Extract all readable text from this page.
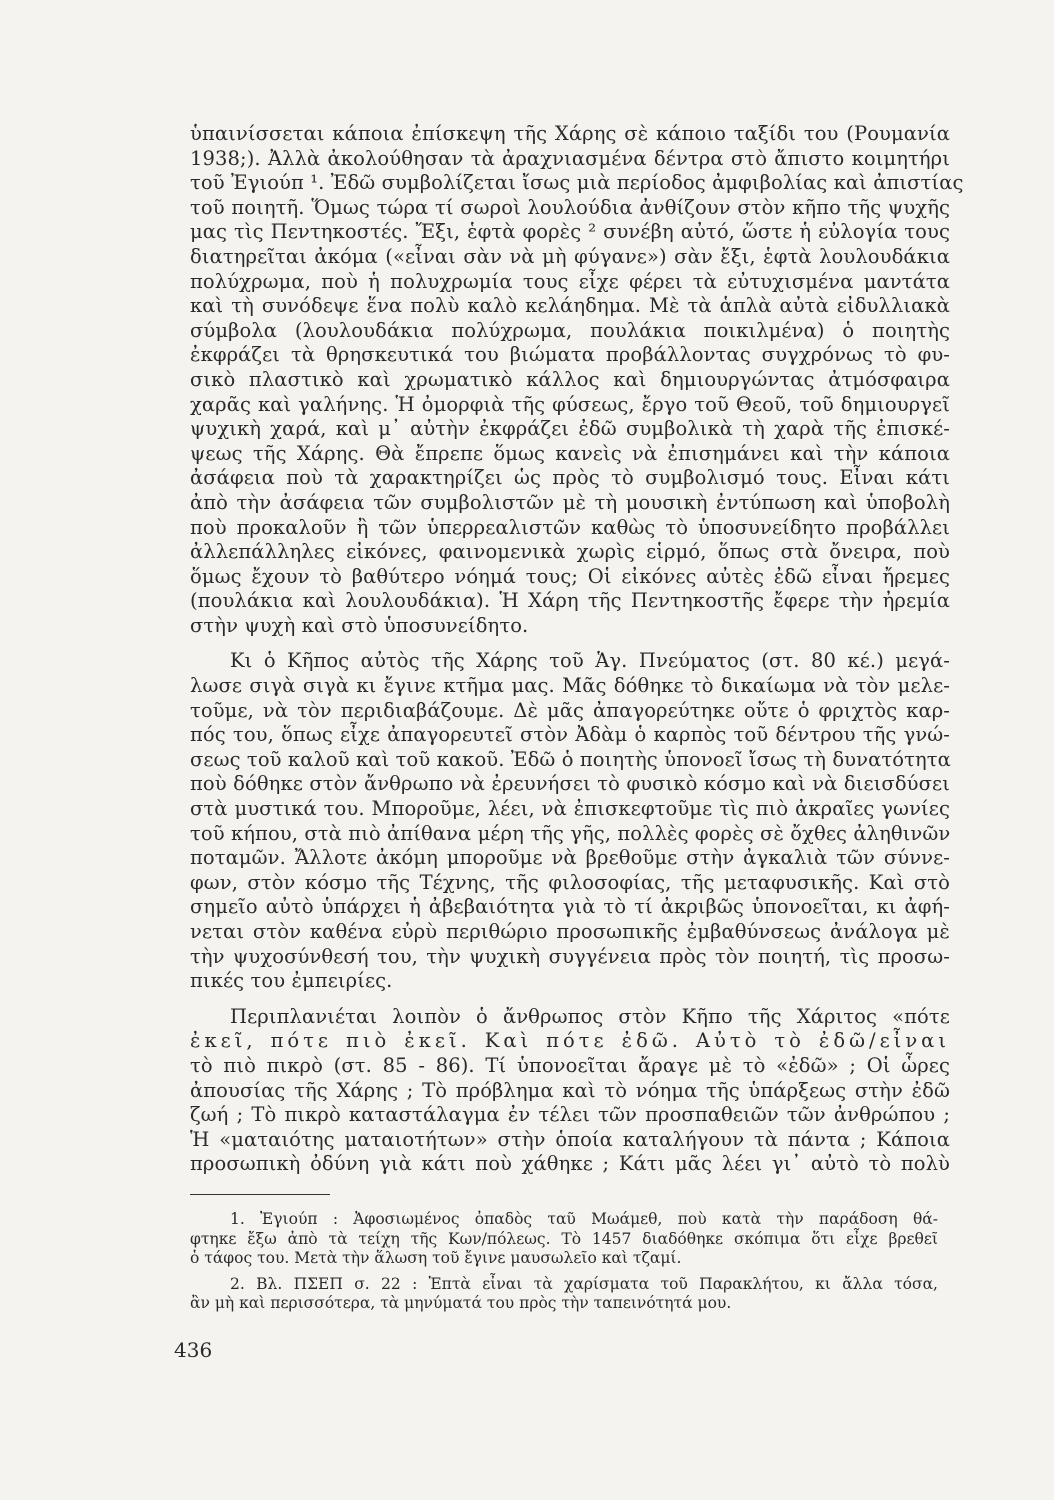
ὑπαινίσσεται κάποια ἐπίσκεψη τῆς Χάρης σὲ κάποιο ταξίδι του (Ρουμανία
1938;). Ἀλλὰ ἀκολούθησαν τὰ ἀραχνιασμένα δέντρα στὸ ἄπιστο κοιμητήρι
τοῦ Ἐγιούπ ¹. Ἐδῶ συμβολίζεται ἴσως μιὰ περίοδος ἀμφιβολίας καὶ ἀπιστίας
τοῦ ποιητῆ. Ὅμως τώρα τί σωροὶ λουλούδια ἀνθίζουν στὸν κῆπο τῆς ψυχῆς
μας τὶς Πεντηκοστές. Ἔξι, ἑφτὰ φορὲς ² συνέβη αὐτό, ὥστε ἡ εὐλογία τους
διατηρεῖται ἀκόμα («εἶναι σὰν νὰ μὴ φύγανε») σὰν ἔξι, ἑφτὰ λουλουδάκια
πολύχρωμα, ποὺ ἡ πολυχρωμία τους εἶχε φέρει τὰ εὐτυχισμένα μαντάτα
καὶ τὴ συνόδεψε ἕνα πολὺ καλὸ κελάηδημα. Μὲ τὰ ἁπλὰ αὐτὰ εἰδυλλιακὰ
σύμβολα (λουλουδάκια πολύχρωμα, πουλάκια ποικιλμένα) ὁ ποιητὴς
ἐκφράζει τὰ θρησκευτικά του βιώματα προβάλλοντας συγχρόνως τὸ φυ-
σικὸ πλαστικὸ καὶ χρωματικὸ κάλλος καὶ δημιουργώντας ἀτμόσφαιρα
χαρᾶς καὶ γαλήνης. Ἡ ὀμορφιὰ τῆς φύσεως, ἔργο τοῦ Θεοῦ, τοῦ δημιουργεῖ
ψυχικὴ χαρά, καὶ μ᾿ αὐτὴν ἐκφράζει ἐδῶ συμβολικὰ τὴ χαρὰ τῆς ἐπισκέ-
ψεως τῆς Χάρης. Θὰ ἔπρεπε ὅμως κανεὶς νὰ ἐπισημάνει καὶ τὴν κάποια
ἀσάφεια ποὺ τὰ χαρακτηρίζει ὡς πρὸς τὸ συμβολισμό τους. Εἶναι κάτι
ἀπὸ τὴν ἀσάφεια τῶν συμβολιστῶν μὲ τὴ μουσικὴ ἐντύπωση καὶ ὑποβολὴ
ποὺ προκαλοῦν ἢ τῶν ὑπερρεαλιστῶν καθὼς τὸ ὑποσυνείδητο προβάλλει
ἀλλεπάλληλες εἰκόνες, φαινομενικὰ χωρὶς εἱρμό, ὅπως στὰ ὄνειρα, ποὺ
ὅμως ἔχουν τὸ βαθύτερο νόημά τους; Οἱ εἰκόνες αὐτὲς ἐδῶ εἶναι ἤρεμες
(πουλάκια καὶ λουλουδάκια). Ἡ Χάρη τῆς Πεντηκοστῆς ἔφερε τὴν ἠρεμία
στὴν ψυχὴ καὶ στὸ ὑποσυνείδητο.
Κι ὁ Κῆπος αὐτὸς τῆς Χάρης τοῦ Ἁγ. Πνεύματος (στ. 80 κέ.) μεγά-
λωσε σιγὰ σιγὰ κι ἔγινε κτῆμα μας. Μᾶς δόθηκε τὸ δικαίωμα νὰ τὸν μελε-
τοῦμε, νὰ τὸν περιδιαβάζουμε. Δὲ μᾶς ἀπαγορεύτηκε οὔτε ὁ φριχτὸς καρ-
πός του, ὅπως εἶχε ἀπαγορευτεῖ στὸν Ἀδὰμ ὁ καρπὸς τοῦ δέντρου τῆς γνώ-
σεως τοῦ καλοῦ καὶ τοῦ κακοῦ. Ἐδῶ ὁ ποιητὴς ὑπονοεῖ ἴσως τὴ δυνατότητα
ποὺ δόθηκε στὸν ἄνθρωπο νὰ ἐρευνήσει τὸ φυσικὸ κόσμο καὶ νὰ διεισδύσει
στὰ μυστικά του. Μποροῦμε, λέει, νὰ ἐπισκεφτοῦμε τὶς πιὸ ἀκραῖες γωνίες
τοῦ κήπου, στὰ πιὸ ἀπίθανα μέρη τῆς γῆς, πολλὲς φορὲς σὲ ὄχθες ἀληθινῶν
ποταμῶν. Ἄλλοτε ἀκόμη μποροῦμε νὰ βρεθοῦμε στὴν ἀγκαλιὰ τῶν σύννε-
φων, στὸν κόσμο τῆς Τέχνης, τῆς φιλοσοφίας, τῆς μεταφυσικῆς. Καὶ στὸ
σημεῖο αὐτὸ ὑπάρχει ἡ ἀβεβαιότητα γιὰ τὸ τί ἀκριβῶς ὑπονοεῖται, κι ἀφή-
νεται στὸν καθένα εὐρὺ περιθώριο προσωπικῆς ἐμβαθύνσεως ἀνάλογα μὲ
τὴν ψυχοσύνθεσή του, τὴν ψυχικὴ συγγένεια πρὸς τὸν ποιητή, τὶς προσω-
πικές του ἐμπειρίες.
Περιπλανιέται λοιπὸν ὁ ἄνθρωπος στὸν Κῆπο τῆς Χάριτος «πότε
ἐκεῖ, πότε πιὸ ἐκεῖ. Καὶ πότε ἐδῶ. Αὐτὸ τὸ ἐδῶ/εἶναι
τὸ πιὸ πικρὸ (στ. 85 - 86). Τί ὑπονοεῖται ἄραγε μὲ τὸ «ἐδῶ» ; Οἱ ὧρες
ἀπουσίας τῆς Χάρης ; Τὸ πρόβλημα καὶ τὸ νόημα τῆς ὑπάρξεως στὴν ἐδῶ
ζωή ; Τὸ πικρὸ καταστάλαγμα ἐν τέλει τῶν προσπαθειῶν τῶν ἀνθρώπου ;
Ἡ «ματαιότης ματαιοτήτων» στὴν ὁποία καταλήγουν τὰ πάντα ; Κάποια
προσωπικὴ ὀδύνη γιὰ κάτι ποὺ χάθηκε ; Κάτι μᾶς λέει γι᾿ αὐτὸ τὸ πολὺ
1. Ἐγιούπ : Ἀφοσιωμένος ὀπαδὸς ταῦ Μωάμεθ, ποὺ κατὰ τὴν παράδοση θά-
φτηκε ἔξω ἀπὸ τὰ τείχη τῆς Κων/πόλεως. Τὸ 1457 διαδόθηκε σκόπιμα ὅτι εἶχε βρεθεῖ
ὁ τάφος του. Μετὰ τὴν ἅλωση τοῦ ἔγινε μαυσωλεῖο καὶ τζαμί.
2. Βλ. ΠΣΕΠ σ. 22 : Ἑπτὰ εἶναι τὰ χαρίσματα τοῦ Παρακλήτου, κι ἄλλα τόσα,
ἂν μὴ καὶ περισσότερα, τὰ μηνύματά του πρὸς τὴν ταπεινότητά μου.
436
